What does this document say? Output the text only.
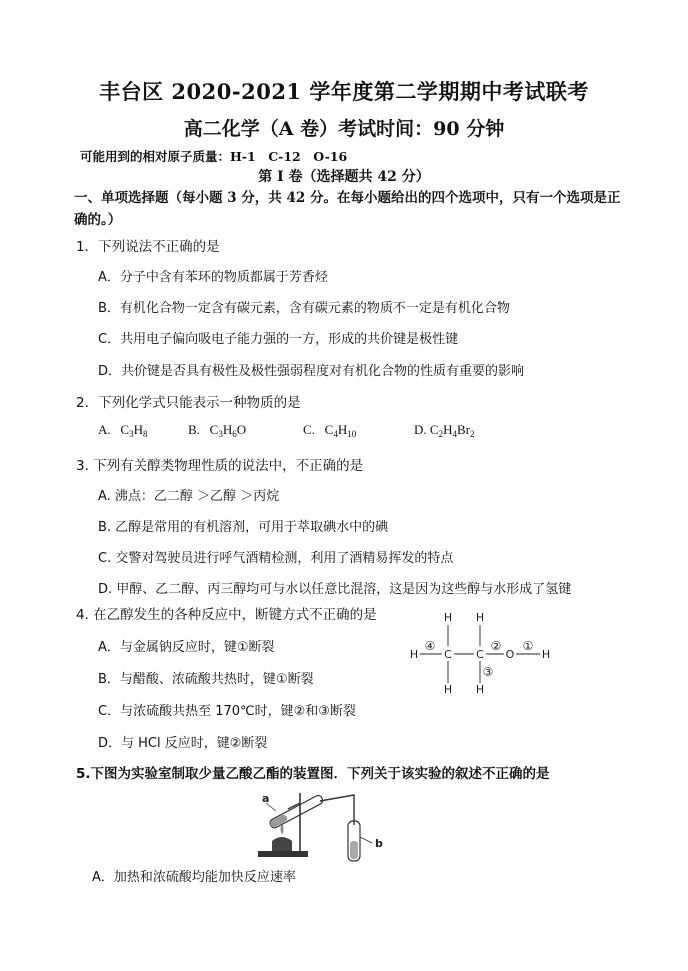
丰台区 2020-2021 学年度第二学期期中考试联考
高二化学（A 卷）考试时间：90 分钟
可能用到的相对原子质量：H-1　C-12　O-16
第 I 卷（选择题共 42 分）
一、单项选择题（每小题 3 分，共 42 分。在每小题给出的四个选项中，只有一个选项是正确的。）
1．下列说法不正确的是
A．分子中含有苯环的物质都属于芳香烃
B．有机化合物一定含有碳元素，含有碳元素的物质不一定是有机化合物
C．共用电子偏向吸电子能力强的一方，形成的共价键是极性键
D．共价键是否具有极性及极性强弱程度对有机化合物的性质有重要的影响
2．下列化学式只能表示一种物质的是
A. $C_3H_8$	B. $C_3H_6O$	C. $C_4H_{10}$	D. $C_2H_4Br_2$
3. 下列有关醇类物理性质的说法中，不正确的是
A. 沸点：乙二醇 ＞乙醇 ＞丙烷
B. 乙醇是常用的有机溶剂，可用于萃取碘水中的碘
C. 交警对驾驶员进行呼气酒精检测，利用了酒精易挥发的特点
D. 甲醇、乙二醇、丙三醇均可与水以任意比混溶，这是因为这些醇与水形成了氢键
4. 在乙醇发生的各种反应中，断键方式不正确的是
A．与金属钠反应时，键①断裂
B．与醋酸、浓硫酸共热时，键①断裂
C．与浓硫酸共热至 170℃时，键②和③断裂
D．与 HCl 反应时，键②断裂
H H
H C C O	H
H H
④	② ①
③
5.下图为实验室制取少量乙酸乙酯的装置图．下列关于该实验的叙述不正确的是
a
b
A．加热和浓硫酸均能加快反应速率
